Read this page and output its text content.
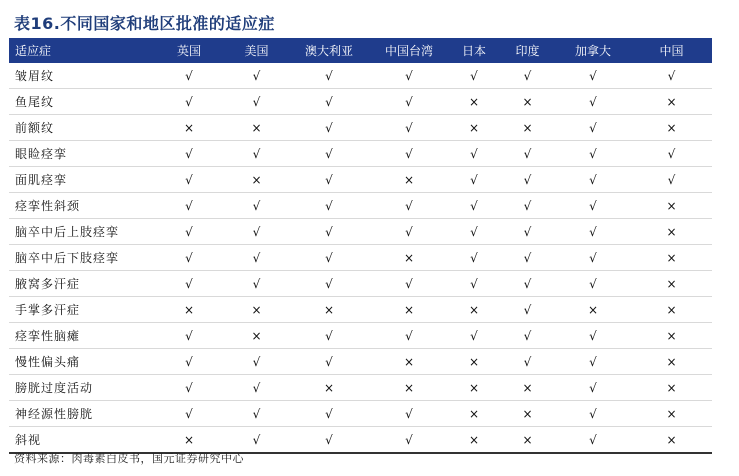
表16.不同国家和地区批准的适应症
适应症	英国	美国	澳大利亚	中国台湾	日本	印度	加拿大	中国
皱眉纹	√	√	√	√	√	√	√	√
鱼尾纹	√	√	√	√	×	×	√	×
前额纹	×	×	√	√	×	×	√	×
眼睑痉挛	√	√	√	√	√	√	√	√
面肌痉挛	√	×	√	×	√	√	√	√
痉挛性斜颈	√	√	√	√	√	√	√	×
脑卒中后上肢痉挛	√	√	√	√	√	√	√	×
脑卒中后下肢痉挛	√	√	√	×	√	√	√	×
腋窝多汗症	√	√	√	√	√	√	√	×
手掌多汗症	×	×	×	×	×	√	×	×
痉挛性脑瘫	√	×	√	√	√	√	√	×
慢性偏头痛	√	√	√	×	×	√	√	×
膀胱过度活动	√	√	×	×	×	×	√	×
神经源性膀胱	√	√	√	√	×	×	√	×
斜视	×	√	√	√	×	×	√	×
资料来源：肉毒素白皮书，国元证券研究中心
